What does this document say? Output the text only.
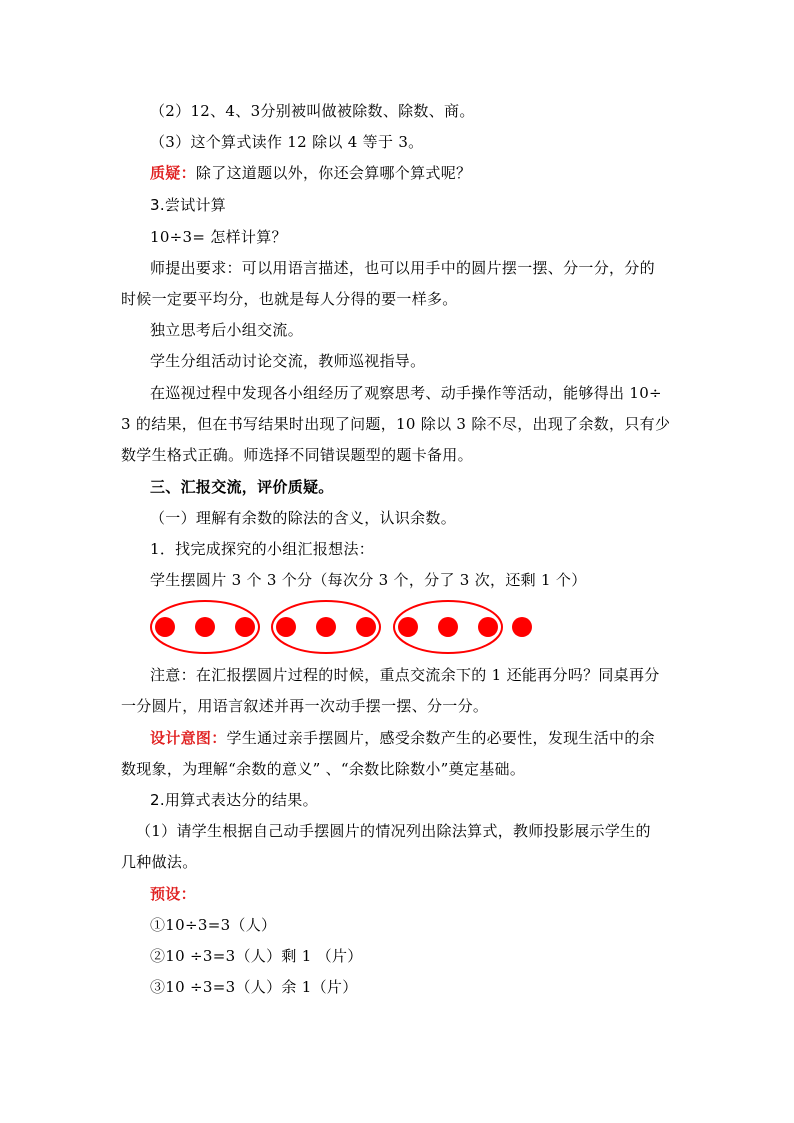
（2）12、4、3分别被叫做被除数、除数、商。
（3）这个算式读作 12 除以 4 等于 3。
质疑：除了这道题以外，你还会算哪个算式呢？
3.尝试计算
10÷3= 怎样计算？
师提出要求：可以用语言描述，也可以用手中的圆片摆一摆、分一分，分的
时候一定要平均分，也就是每人分得的要一样多。
独立思考后小组交流。
学生分组活动讨论交流，教师巡视指导。
在巡视过程中发现各小组经历了观察思考、动手操作等活动，能够得出 10÷
3 的结果，但在书写结果时出现了问题，10 除以 3 除不尽，出现了余数，只有少
数学生格式正确。师选择不同错误题型的题卡备用。
三、汇报交流，评价质疑。
（一）理解有余数的除法的含义，认识余数。
1．找完成探究的小组汇报想法：
学生摆圆片 3 个 3 个分（每次分 3 个，分了 3 次，还剩 1 个）
注意：在汇报摆圆片过程的时候，重点交流余下的 1 还能再分吗？同桌再分
一分圆片，用语言叙述并再一次动手摆一摆、分一分。
设计意图：学生通过亲手摆圆片，感受余数产生的必要性，发现生活中的余
数现象，为理解“余数的意义” 、“余数比除数小”奠定基础。
2.用算式表达分的结果。
（1）请学生根据自己动手摆圆片的情况列出除法算式，教师投影展示学生的
几种做法。
预设：
①10÷3=3（人）
②10 ÷3=3（人）剩 1 （片）
③10 ÷3=3（人）余 1（片）
